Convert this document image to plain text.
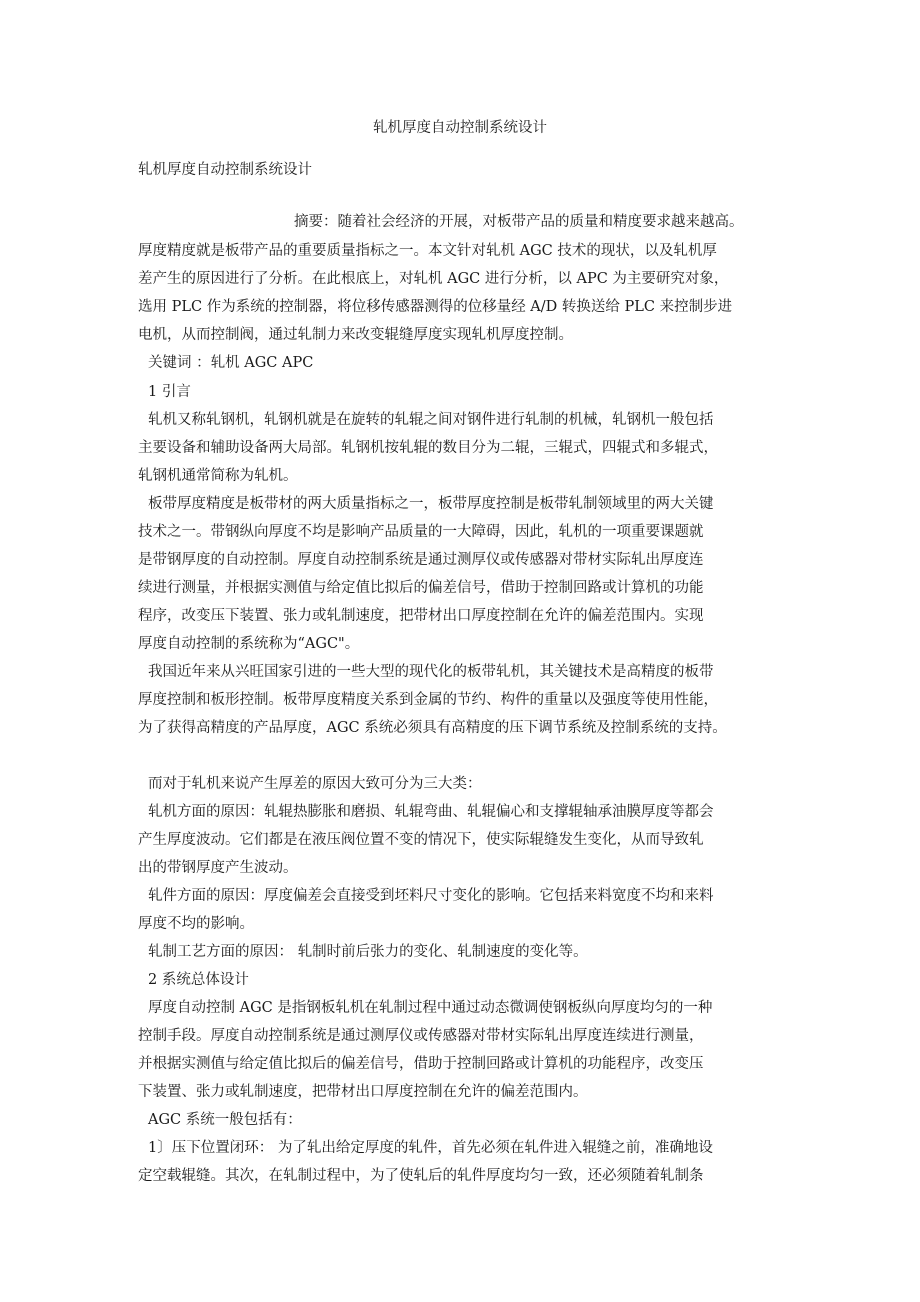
轧机厚度自动控制系统设计
轧机厚度自动控制系统设计
摘要：随着社会经济的开展，对板带产品的质量和精度要求越来越高。
厚度精度就是板带产品的重要质量指标之一。本文针对轧机 AGC 技术的现状，以及轧机厚
差产生的原因进行了分析。在此根底上，对轧机 AGC 进行分析，以 APC 为主要研究对象，
选用 PLC 作为系统的控制器，将位移传感器测得的位移量经 A/D 转换送给 PLC 来控制步进
电机，从而控制阀，通过轧制力来改变辊缝厚度实现轧机厚度控制。
关键词 ：轧机 AGC APC
1 引言
轧机又称轧钢机，轧钢机就是在旋转的轧辊之间对钢件进行轧制的机械，轧钢机一般包括
主要设备和辅助设备两大局部。轧钢机按轧辊的数目分为二辊，三辊式，四辊式和多辊式，
轧钢机通常简称为轧机。
板带厚度精度是板带材的两大质量指标之一，板带厚度控制是板带轧制领域里的两大关键
技术之一。带钢纵向厚度不均是影响产品质量的一大障碍，因此，轧机的一项重要课题就
是带钢厚度的自动控制。厚度自动控制系统是通过测厚仪或传感器对带材实际轧出厚度连
续进行测量，并根据实测值与给定值比拟后的偏差信号，借助于控制回路或计算机的功能
程序，改变压下装置、张力或轧制速度，把带材出口厚度控制在允许的偏差范围内。实现
厚度自动控制的系统称为“AGC"。
我国近年来从兴旺国家引进的一些大型的现代化的板带轧机，其关键技术是高精度的板带
厚度控制和板形控制。板带厚度精度关系到金属的节约、构件的重量以及强度等使用性能，
为了获得高精度的产品厚度，AGC 系统必须具有高精度的压下调节系统及控制系统的支持。
而对于轧机来说产生厚差的原因大致可分为三大类：
轧机方面的原因：轧辊热膨胀和磨损、轧辊弯曲、轧辊偏心和支撑辊轴承油膜厚度等都会
产生厚度波动。它们都是在液压阀位置不变的情况下，使实际辊缝发生变化，从而导致轧
出的带钢厚度产生波动。
轧件方面的原因：厚度偏差会直接受到坯料尺寸变化的影响。它包括来料宽度不均和来料
厚度不均的影响。
轧制工艺方面的原因： 轧制时前后张力的变化、轧制速度的变化等。
2 系统总体设计
厚度自动控制 AGC 是指钢板轧机在轧制过程中通过动态微调使钢板纵向厚度均匀的一种
控制手段。厚度自动控制系统是通过测厚仪或传感器对带材实际轧出厚度连续进行测量，
并根据实测值与给定值比拟后的偏差信号，借助于控制回路或计算机的功能程序，改变压
下装置、张力或轧制速度，把带材出口厚度控制在允许的偏差范围内。
AGC 系统一般包括有：
1〕压下位置闭环： 为了轧出给定厚度的轧件，首先必须在轧件进入辊缝之前，准确地设
定空载辊缝。其次，在轧制过程中，为了使轧后的轧件厚度均匀一致，还必须随着轧制条
